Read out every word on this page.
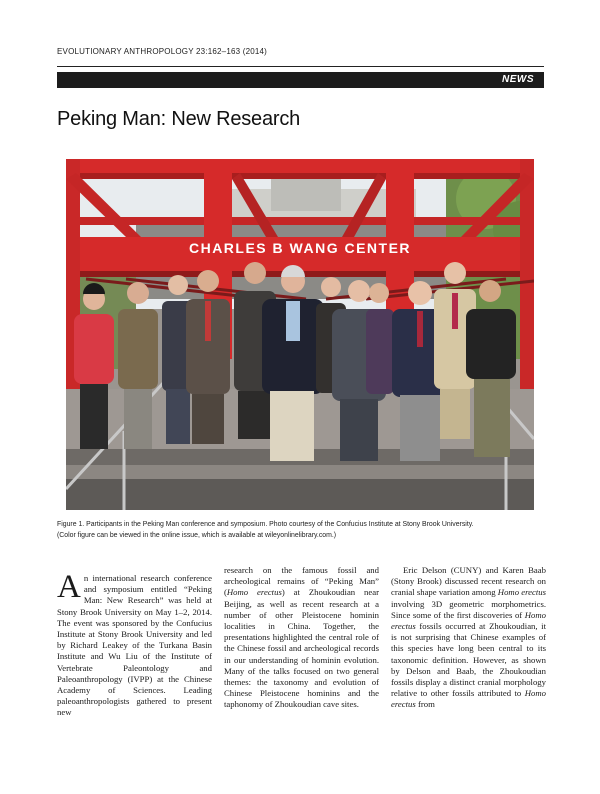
EVOLUTIONARY ANTHROPOLOGY 23:162–163 (2014)
NEWS
Peking Man: New Research
CHARLES B WANG CENTER

Figure 1. Participants in the Peking Man conference and symposium. Photo courtesy of the Confucius Institute at Stony Brook University.

(Color figure can be viewed in the online issue, which is available at wileyonlinelibrary.com.)

An international research conference and symposium entitled “Peking Man: New Research” was held at Stony Brook University on May 1–2, 2014. The event was sponsored by the Confucius Institute at Stony Brook University and led by Richard Leakey of the Turkana Basin Institute and Wu Liu of the Institute of Vertebrate Paleontology and Paleoanthropology (IVPP) at the Chinese Academy of Sciences. Leading paleoanthropologists gathered to present new

research on the famous fossil and archeological remains of “Peking Man” (Homo erectus) at Zhoukoudian near Beijing, as well as recent research at a number of other Pleistocene hominin localities in China. Together, the presentations highlighted the central role of the Chinese fossil and archeological records in our understanding of hominin evolution. Many of the talks focused on two general themes: the taxonomy and evolution of Chinese Pleistocene hominins and the taphonomy of Zhoukoudian cave sites.

Eric Delson (CUNY) and Karen Baab (Stony Brook) discussed recent research on cranial shape variation among Homo erectus involving 3D geometric morphometrics. Since some of the first discoveries of Homo erectus fossils occurred at Zhoukoudian, it is not surprising that Chinese examples of this species have long been central to its taxonomic definition. However, as shown by Delson and Baab, the Zhoukoudian fossils display a distinct cranial morphology relative to other fossils attributed to Homo erectus from
